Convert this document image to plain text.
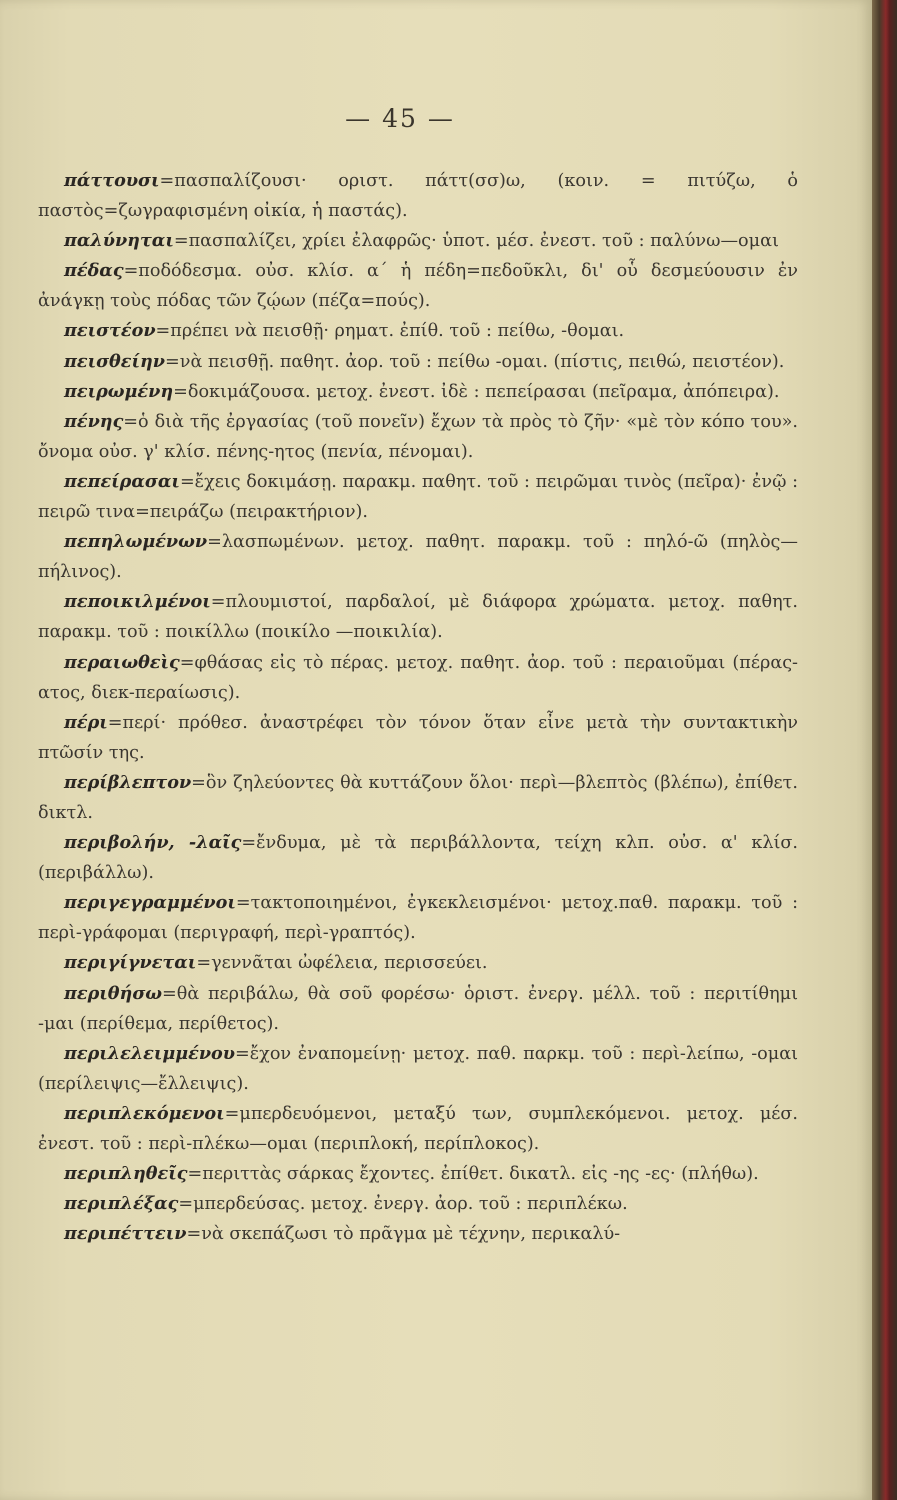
— 45 —

πάττουσι=πασπαλίζουσι· οριστ. πάττ(σσ)ω, (κοιν. = πιτύζω, ὁ παστὸς=ζωγραφισμένη οἰκία, ἡ παστάς).

παλύνηται=πασπαλίζει, χρίει ἐλαφρῶς· ὑποτ. μέσ. ἐνεστ. τοῦ : παλύνω—ομαι

πέδας=ποδόδεσμα. οὐσ. κλίσ. α΄ ἡ πέδη=πεδοῦκλι, δι' οὗ δεσμεύουσιν ἐν ἀνάγκῃ τοὺς πόδας τῶν ζῴων (πέζα=πούς).

πειστέον=πρέπει νὰ πεισθῇ· ρηματ. ἐπίθ. τοῦ : πείθω, -θομαι.

πεισθείην=νὰ πεισθῇ. παθητ. ἀορ. τοῦ : πείθω -ομαι. (πίστις, πειθώ, πειστέον).

πειρωμένη=δοκιμάζουσα. μετοχ. ἐνεστ. ἰδὲ : πεπείρασαι (πεῖραμα, ἀπόπειρα).

πένης=ὁ διὰ τῆς ἐργασίας (τοῦ πονεῖν) ἔχων τὰ πρὸς τὸ ζῆν· «μὲ τὸν κόπο του». ὄνομα οὐσ. γ' κλίσ. πένης-ητος (πενία, πένομαι).

πεπείρασαι=ἔχεις δοκιμάσῃ. παρακμ. παθητ. τοῦ : πειρῶμαι τινὸς (πεῖρα)· ἐνῷ : πειρῶ τινα=πειράζω (πειρακτήριον).

πεπηλωμένων=λασπωμένων. μετοχ. παθητ. παρακμ. τοῦ : πηλό-ῶ (πηλὸς—πήλινος).

πεποικιλμένοι=πλουμιστοί, παρδαλοί, μὲ διάφορα χρώματα. μετοχ. παθητ. παρακμ. τοῦ : ποικίλλω (ποικίλο —ποικιλία).

περαιωθεὶς=φθάσας εἰς τὸ πέρας. μετοχ. παθητ. ἀορ. τοῦ : περαιοῦμαι (πέρας-ατος, διεκ-περαίωσις).

πέρι=περί· πρόθεσ. ἀναστρέφει τὸν τόνον ὅταν εἶνε μετὰ τὴν συντακτικὴν πτῶσίν της.

περίβλεπτον=ὃν ζηλεύοντες θὰ κυττάζουν ὅλοι· περὶ—βλεπτὸς (βλέπω), ἐπίθετ. δικτλ.

περιβολήν, -λαῖς=ἔνδυμα, μὲ τὰ περιβάλλοντα, τείχη κλπ. οὐσ. α' κλίσ. (περιβάλλω).

περιγεγραμμένοι=τακτοποιημένοι, ἐγκεκλεισμένοι· μετοχ.παθ. παρακμ. τοῦ : περὶ-γράφομαι (περιγραφή, περὶ-γραπτός).

περιγίγνεται=γεννᾶται ὠφέλεια, περισσεύει.

περιθήσω=θὰ περιβάλω, θὰ σοῦ φορέσω· ὁριστ. ἐνεργ. μέλλ. τοῦ : περιτίθημι -μαι (περίθεμα, περίθετος).

περιλελειμμένου=ἔχον ἐναπομείνῃ· μετοχ. παθ. παρκμ. τοῦ : περὶ-λείπω, -ομαι (περίλειψις—ἔλλειψις).

περιπλεκόμενοι=μπερδευόμενοι, μεταξύ των, συμπλεκόμενοι. μετοχ. μέσ. ἐνεστ. τοῦ : περὶ-πλέκω—ομαι (περιπλοκή, περίπλοκος).

περιπληθεῖς=περιττὰς σάρκας ἔχοντες. ἐπίθετ. δικατλ. εἰς -ης -ες· (πλήθω).

περιπλέξας=μπερδεύσας. μετοχ. ἐνεργ. ἀορ. τοῦ : περιπλέκω.

περιπέττειν=νὰ σκεπάζωσι τὸ πρᾶγμα μὲ τέχνην, περικαλύ-
